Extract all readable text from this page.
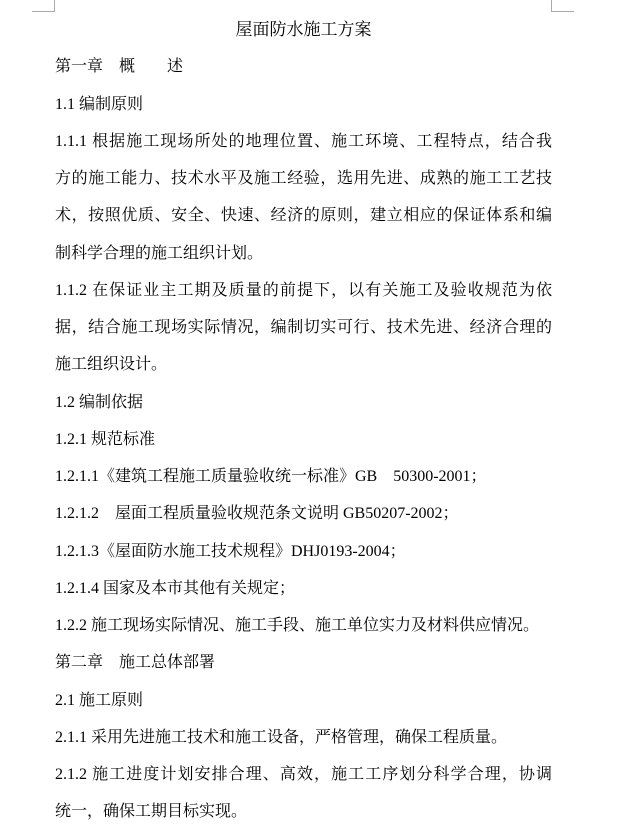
屋面防水施工方案
第一章　概　　述
1.1 编制原则
1.1.1 根据施工现场所处的地理位置、施工环境、工程特点，结合我
方的施工能力、技术水平及施工经验，选用先进、成熟的施工工艺技
术，按照优质、安全、快速、经济的原则，建立相应的保证体系和编
制科学合理的施工组织计划。
1.1.2 在保证业主工期及质量的前提下，以有关施工及验收规范为依
据，结合施工现场实际情况，编制切实可行、技术先进、经济合理的
施工组织设计。
1.2 编制依据
1.2.1 规范标准
1.2.1.1《建筑工程施工质量验收统一标准》GB　50300-2001；
1.2.1.2　屋面工程质量验收规范条文说明 GB50207-2002；
1.2.1.3《屋面防水施工技术规程》DHJ0193-2004；
1.2.1.4 国家及本市其他有关规定；
1.2.2 施工现场实际情况、施工手段、施工单位实力及材料供应情况。
第二章　施工总体部署
2.1 施工原则
2.1.1 采用先进施工技术和施工设备，严格管理，确保工程质量。
2.1.2 施工进度计划安排合理、高效，施工工序划分科学合理，协调
统一，确保工期目标实现。
